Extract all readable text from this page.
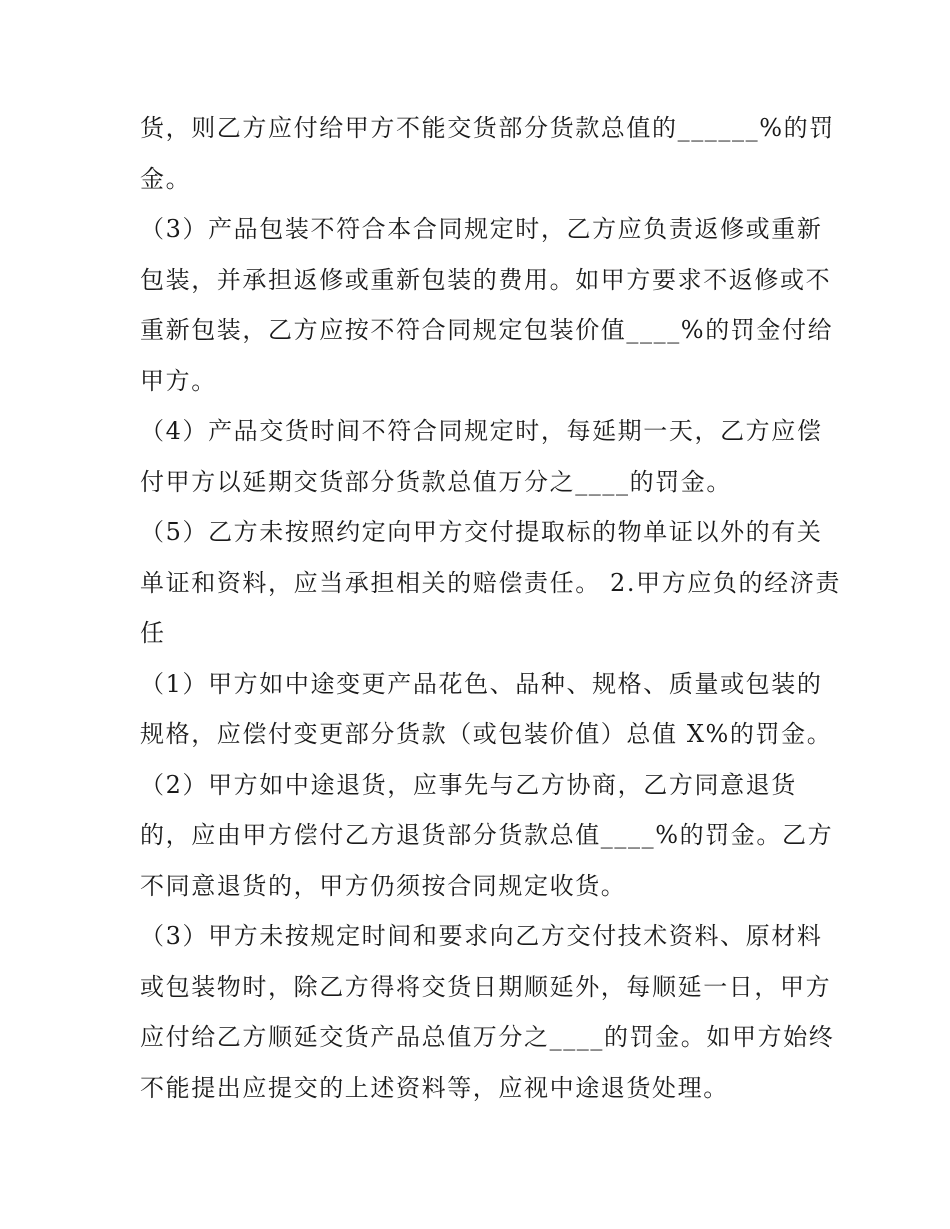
货，则乙方应付给甲方不能交货部分货款总值的______%的罚
金。
（3）产品包装不符合本合同规定时，乙方应负责返修或重新
包装，并承担返修或重新包装的费用。如甲方要求不返修或不
重新包装，乙方应按不符合同规定包装价值____%的罚金付给
甲方。
（4）产品交货时间不符合同规定时，每延期一天，乙方应偿
付甲方以延期交货部分货款总值万分之____的罚金。
（5）乙方未按照约定向甲方交付提取标的物单证以外的有关
单证和资料，应当承担相关的赔偿责任。 2.甲方应负的经济责
任
（1）甲方如中途变更产品花色、品种、规格、质量或包装的
规格，应偿付变更部分货款（或包装价值）总值 X%的罚金。
（2）甲方如中途退货，应事先与乙方协商，乙方同意退货
的，应由甲方偿付乙方退货部分货款总值____%的罚金。乙方
不同意退货的，甲方仍须按合同规定收货。
（3）甲方未按规定时间和要求向乙方交付技术资料、原材料
或包装物时，除乙方得将交货日期顺延外，每顺延一日，甲方
应付给乙方顺延交货产品总值万分之____的罚金。如甲方始终
不能提出应提交的上述资料等，应视中途退货处理。
